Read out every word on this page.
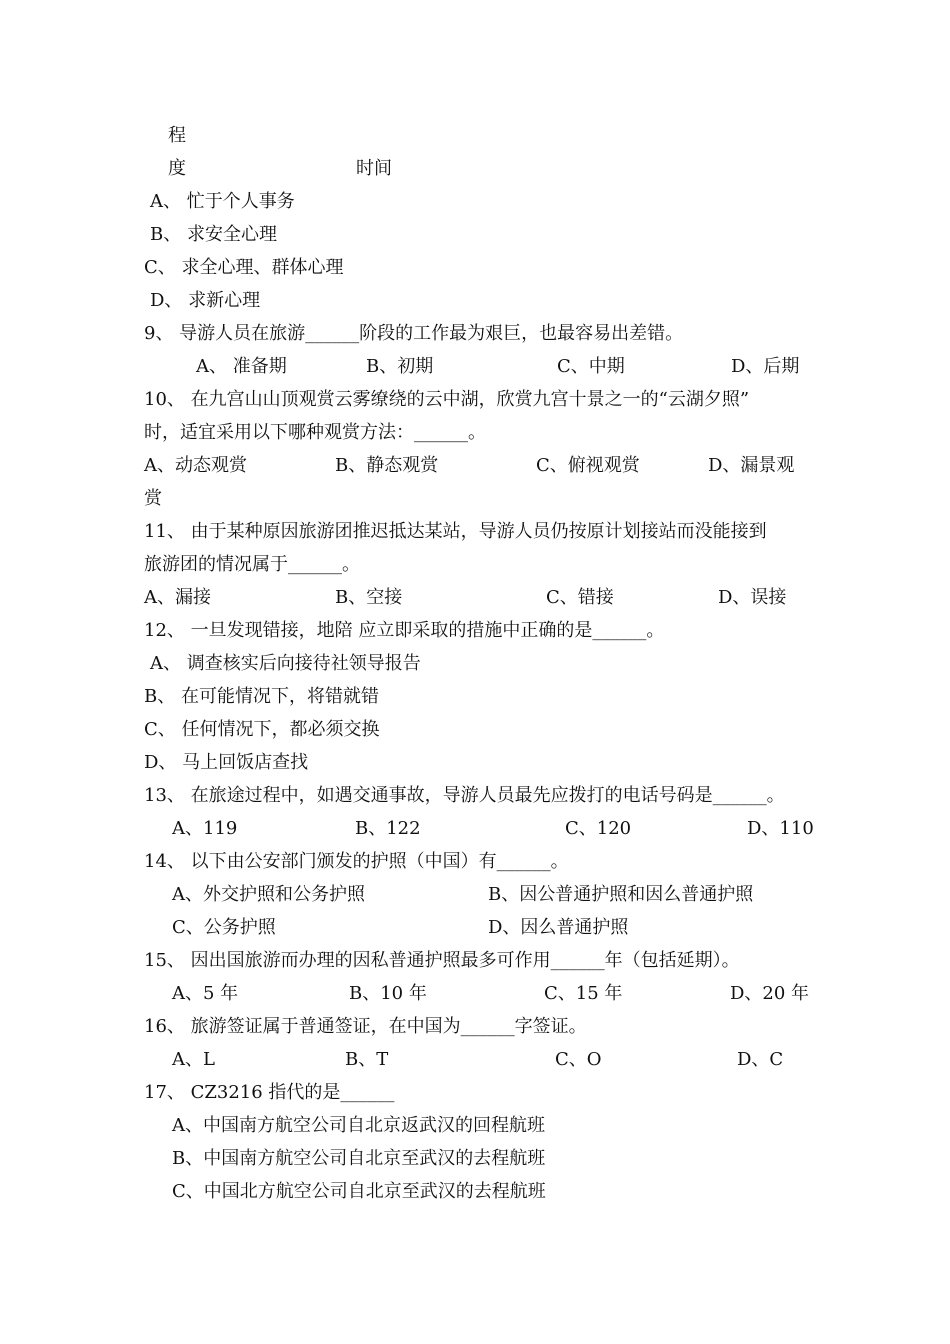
程
度	时间
A、 忙于个人事务
B、 求安全心理
C、 求全心理、群体心理
D、 求新心理
9、 导游人员在旅游______阶段的工作最为艰巨，也最容易出差错。
A、 准备期	B、初期	C、中期	D、后期
10、 在九宫山山顶观赏云雾缭绕的云中湖，欣赏九宫十景之一的“云湖夕照”
时，适宜采用以下哪种观赏方法：______。
A、动态观赏	B、静态观赏	C、俯视观赏	D、漏景观
赏
11、 由于某种原因旅游团推迟抵达某站，导游人员仍按原计划接站而没能接到
旅游团的情况属于______。
A、漏接	B、空接	C、错接	D、误接
12、 一旦发现错接，地陪 应立即采取的措施中正确的是______。
A、 调查核实后向接待社领导报告
B、 在可能情况下，将错就错
C、 任何情况下，都必须交换
D、 马上回饭店查找
13、 在旅途过程中，如遇交通事故，导游人员最先应拨打的电话号码是______。
A、119	B、122	C、120	D、110
14、 以下由公安部门颁发的护照（中国）有______。
A、外交护照和公务护照	B、因公普通护照和因么普通护照
C、公务护照	D、因么普通护照
15、 因出国旅游而办理的因私普通护照最多可作用______年（包括延期）。
A、5 年	B、10 年	C、15 年	D、20 年
16、 旅游签证属于普通签证，在中国为______字签证。
A、L	B、T	C、O	D、C
17、 CZ3216 指代的是______
A、中国南方航空公司自北京返武汉的回程航班
B、中国南方航空公司自北京至武汉的去程航班
C、中国北方航空公司自北京至武汉的去程航班
